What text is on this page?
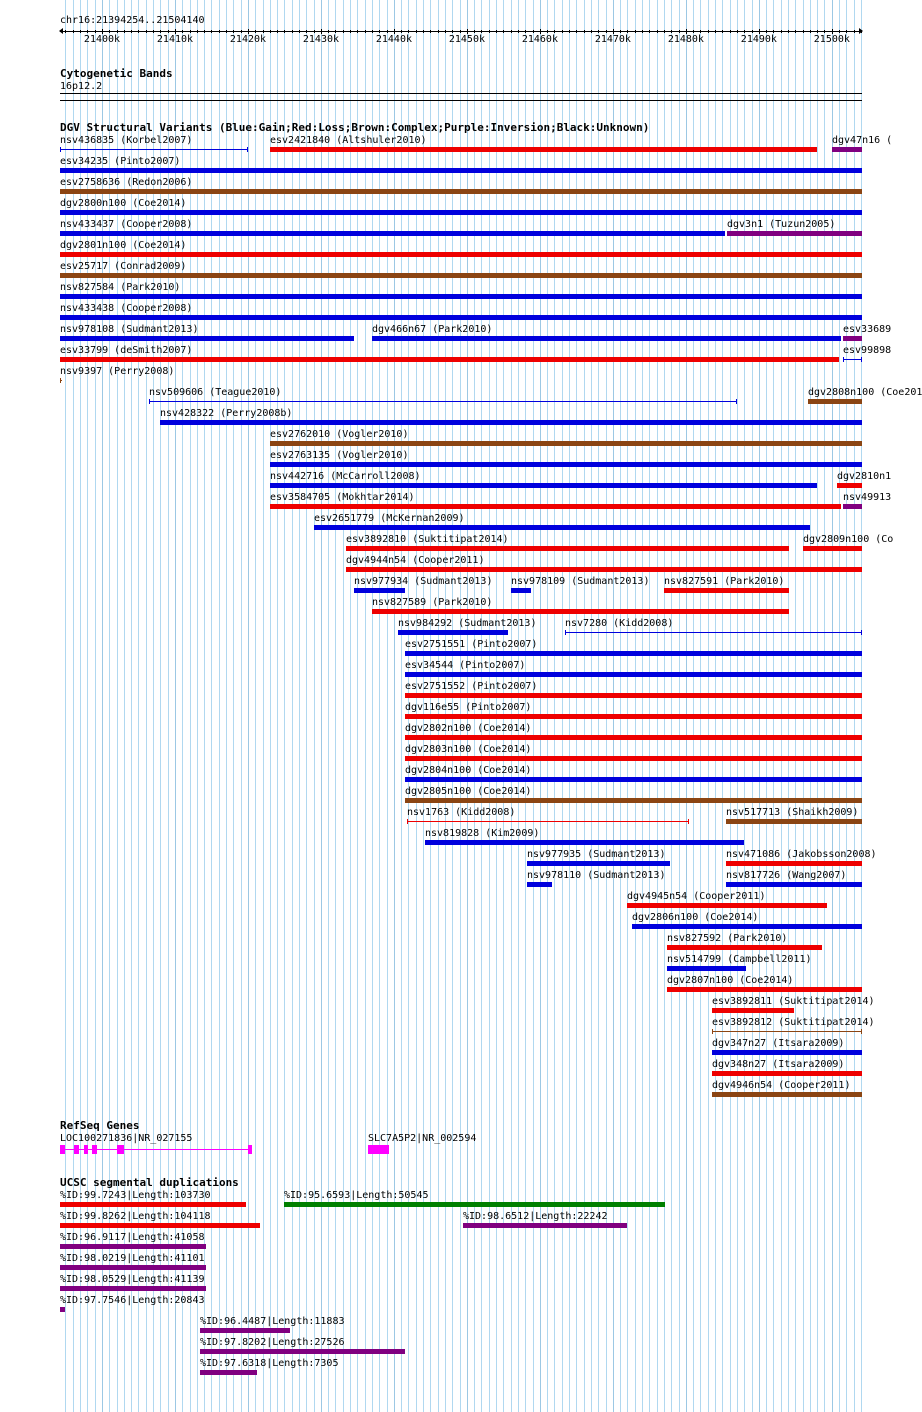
chr16:21394254..21504140
21400k	21410k	21420k	21430k	21440k	21450k	21460k	21470k	21480k	21490k	21500k
Cytogenetic Bands
16p12.2
DGV Structural Variants (Blue:Gain;Red:Loss;Brown:Complex;Purple:Inversion;Black:Unknown)
nsv436835 (Korbel2007)	esv2421840 (Altshuler2010)	dgv47n16 (
esv34235 (Pinto2007)
esv2758636 (Redon2006)
dgv2800n100 (Coe2014)
nsv433437 (Cooper2008)	dgv3n1 (Tuzun2005)
dgv2801n100 (Coe2014)
esv25717 (Conrad2009)
nsv827584 (Park2010)
nsv433438 (Cooper2008)
nsv978108 (Sudmant2013)	dgv466n67 (Park2010)	esv33689
esv33799 (deSmith2007)	esv99898
nsv9397 (Perry2008)
nsv509606 (Teague2010)	dgv2808n100 (Coe201
nsv428322 (Perry2008b)
esv2762010 (Vogler2010)
esv2763135 (Vogler2010)
nsv442716 (McCarroll2008)	dgv2810n1
esv3584705 (Mokhtar2014)	nsv49913
esv2651779 (McKernan2009)
esv3892810 (Suktitipat2014)	dgv2809n100 (Co
dgv4944n54 (Cooper2011)
nsv977934 (Sudmant2013) nsv978109 (Sudmant2013) nsv827591 (Park2010)
nsv827589 (Park2010)
nsv984292 (Sudmant2013)	nsv7280 (Kidd2008)
esv2751551 (Pinto2007)
esv34544 (Pinto2007)
esv2751552 (Pinto2007)
dgv116e55 (Pinto2007)
dgv2802n100 (Coe2014)
dgv2803n100 (Coe2014)
dgv2804n100 (Coe2014)
dgv2805n100 (Coe2014)
nsv1763 (Kidd2008)	nsv517713 (Shaikh2009)
nsv819828 (Kim2009)
nsv977935 (Sudmant2013)	nsv471086 (Jakobsson2008)
nsv978110 (Sudmant2013)	nsv817726 (Wang2007)
dgv4945n54 (Cooper2011)
dgv2806n100 (Coe2014)
nsv827592 (Park2010)
nsv514799 (Campbell2011)
dgv2807n100 (Coe2014)
esv3892811 (Suktitipat2014)
esv3892812 (Suktitipat2014)
dgv347n27 (Itsara2009)
dgv348n27 (Itsara2009)
dgv4946n54 (Cooper2011)
RefSeq Genes
LOC100271836|NR_027155	SLC7A5P2|NR_002594
UCSC segmental duplications
%ID:99.7243|Length:103730	%ID:95.6593|Length:50545
%ID:99.8262|Length:104118	%ID:98.6512|Length:22242
%ID:96.9117|Length:41058
%ID:98.0219|Length:41101
%ID:98.0529|Length:41139
%ID:97.7546|Length:20843
%ID:96.4487|Length:11883
%ID:97.8202|Length:27526
%ID:97.6318|Length:7305
